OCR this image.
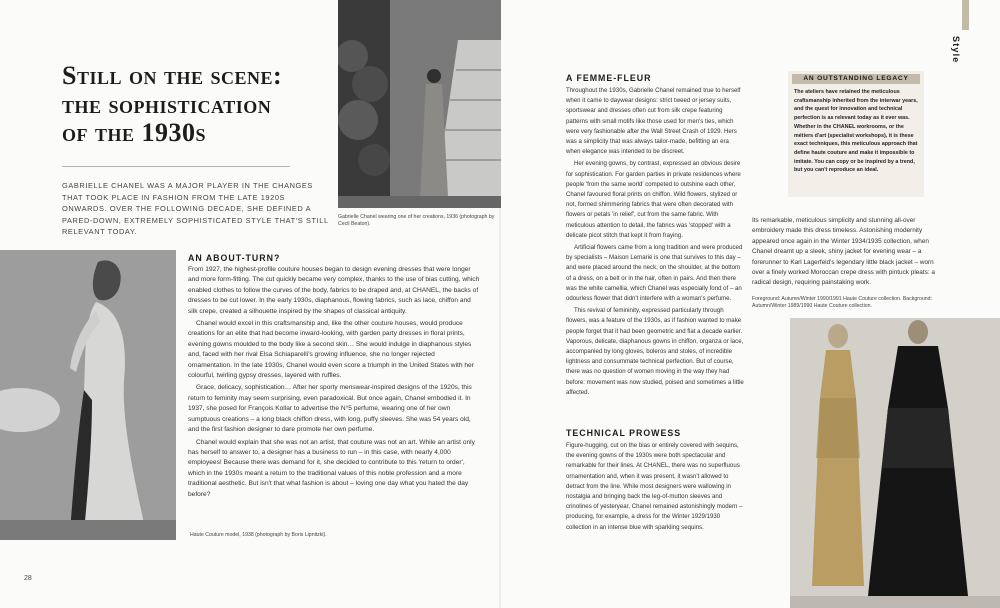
Still on the scene:
the sophistication
of the 1930s

GABRIELLE CHANEL WAS A MAJOR PLAYER IN THE CHANGES THAT TOOK PLACE IN FASHION FROM THE LATE 1920S ONWARDS. OVER THE FOLLOWING DECADE, SHE DEFINED A PARED-DOWN, EXTREMELY SOPHISTICATED STYLE THAT'S STILL RELEVANT TODAY.

Haute Couture model, 1938 (photograph by Boris Lipnitzki).

Gabrielle Chanel wearing one of her creations, 1936 (photograph by Cecil Beaton).

AN ABOUT-TURN?

From 1927, the highest-profile couture houses began to design evening dresses that were longer and more form-fitting. The cut quickly became very complex, thanks to the use of bias cutting, which enabled clothes to follow the curves of the body, fabrics to be draped and, at CHANEL, the backs of dresses to be cut lower. In the early 1930s, diaphanous, flowing fabrics, such as lace, chiffon and silk crepe, created a silhouette inspired by the shapes of classical antiquity.

Chanel would excel in this craftsmanship and, like the other couture houses, would produce creations for an elite that had become inward-looking, with garden party dresses in floral prints, evening gowns moulded to the body like a second skin… She would indulge in diaphanous styles and, faced with her rival Elsa Schiaparelli's growing influence, she no longer rejected ornamentation. In the late 1930s, Chanel would even score a triumph in the United States with her colourful, twirling gypsy dresses, layered with ruffles.

Grace, delicacy, sophistication… After her sporty menswear-inspired designs of the 1920s, this return to feminity may seem surprising, even paradoxical. But once again, Chanel embodied it. In 1937, she posed for François Kollar to advertise the N°5 perfume, wearing one of her own sumptuous creations – a long black chiffon dress, with long, puffy sleeves. She was 54 years old, and the first fashion designer to dare promote her own perfume.

Chanel would explain that she was not an artist, that couture was not an art. While an artist only has herself to answer to, a designer has a business to run – in this case, with nearly 4,000 employees! Because there was demand for it, she decided to contribute to this 'return to order', which in the 1930s meant a return to the traditional values of this noble profession and a more traditional aesthetic. But isn't that what fashion is about – loving one day what you hated the day before?

A FEMME-FLEUR

Throughout the 1930s, Gabrielle Chanel remained true to herself when it came to daywear designs: strict tweed or jersey suits, sportswear and dresses often cut from silk crepe featuring patterns with small motifs like those used for men's ties, which were very fashionable after the Wall Street Crash of 1929. Hers was a simplicity that was always tailor-made, befitting an era when elegance was intended to be discreet.

Her evening gowns, by contrast, expressed an obvious desire for sophistication. For garden parties in private residences where people 'from the same world' competed to outshine each other, Chanel favoured floral prints on chiffon. Wild flowers, stylized or not, formed shimmering fabrics that were often decorated with flowers or petals 'in relief', cut from the same fabric. With meticulous attention to detail, the fabrics was 'stopped' with a delicate picot stitch that kept it from fraying.

Artificial flowers came from a long tradition and were produced by specialists – Maison Lemarié is one that survives to this day – and were placed around the neck, on the shoulder, at the bottom of a dress, on a belt or in the hair, often in pairs. And then there was the white camellia, which Chanel was especially fond of – an odourless flower that didn't interfere with a woman's perfume.

This revival of femininity, expressed particularly through flowers, was a feature of the 1930s, as if fashion wanted to make people forget that it had been geometric and flat a decade earlier. Vaporous, delicate, diaphanous gowns in chiffon, organza or lace, accompanied by long gloves, boleros and stoles, of incredible lightness and consummate technical perfection. But of course, there was no question of women moving in the way they had before: movement was now studied, poised and sometimes a little affected.

TECHNICAL PROWESS

Figure-hugging, cut on the bias or entirely covered with sequins, the evening gowns of the 1930s were both spectacular and remarkable for their lines. At CHANEL, there was no superfluous ornamentation and, when it was present, it wasn't allowed to detract from the line. While most designers were wallowing in nostalgia and bringing back the leg-of-mutton sleeves and crinolines of yesteryear, Chanel remained astonishingly modern – producing, for example, a dress for the Winter 1929/1930 collection in an intense blue with sparkling sequins.

Its remarkable, meticulous simplicity and stunning all-over embroidery made this dress timeless. Astonishing modernity appeared once again in the Winter 1934/1935 collection, when Chanel dreamt up a sleek, shiny jacket for evening wear – a forerunner to Karl Lagerfeld's legendary little black jacket – worn over a finely worked Moroccan crepe dress with pintuck pleats: a radical design, requiring painstaking work.

AN OUTSTANDING LEGACY
The ateliers have retained the meticulous craftsmanship inherited from the interwar years, and the quest for innovation and technical perfection is as relevant today as it ever was. Whether in the CHANEL workrooms, or the métiers d'art (specialist workshops), it is these exact techniques, this meticulous approach that define haute couture and make it impossible to imitate. You can copy or be inspired by a trend, but you can't reproduce an ideal.

Foreground: Autumn/Winter 1990/1991 Haute Couture collection. Background: Autumn/Winter 1989/1990 Haute Couture collection.

Style

28
